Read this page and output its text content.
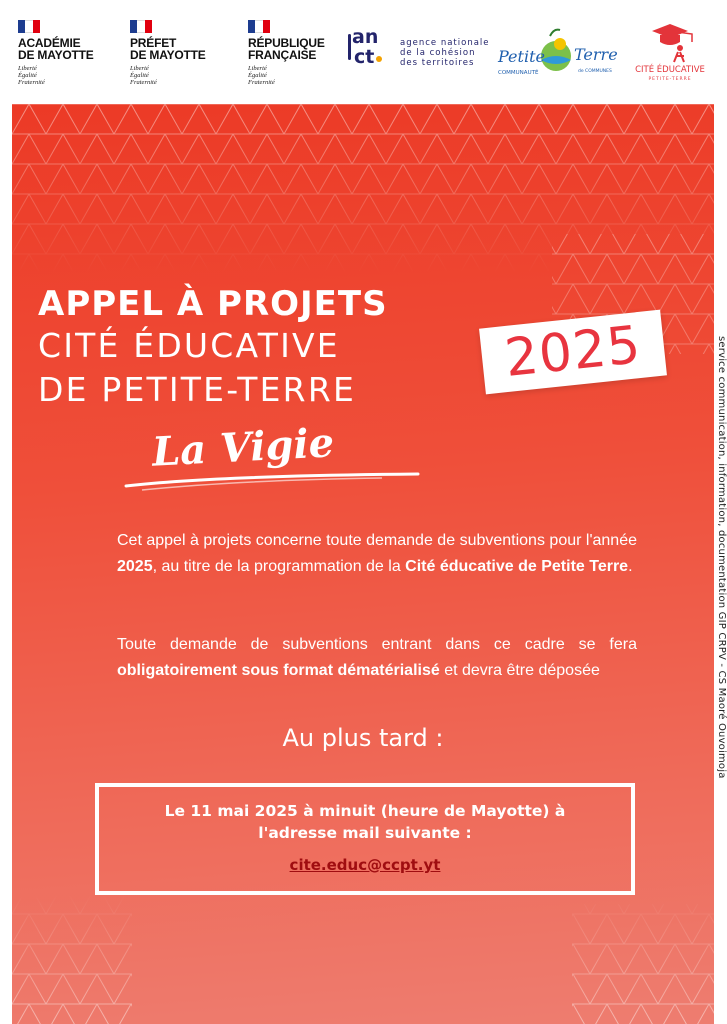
ACADÉMIE
DE MAYOTTE
Liberté
Égalité
Fraternité
PRÉFET
DE MAYOTTE
Liberté
Égalité
Fraternité
RÉPUBLIQUE
FRANÇAISE
Liberté
Égalité
Fraternité
an
ct
agence nationale
de la cohésion
des territoires	Petite Terre
COMMUNAUTÉ	de COMMUNES	CITÉ ÉDUCATIVE
PETITE-TERRE
APPEL À PROJETS
CITÉ ÉDUCATIVE
DE PETITE-TERRE
La Vigie
2025
Cet appel à projets concerne toute demande de subventions pour l'année 2025, au titre de la programmation de la Cité éducative de Petite Terre.
Toute demande de subventions entrant dans ce cadre se fera obligatoirement sous format dématérialisé et devra être déposée
Au plus tard :
Le 11 mai 2025 à minuit (heure de Mayotte) à
l'adresse mail suivante :
cite.educ@ccpt.yt
service communication, information, documentation GIP CRPV - CS Maoré Ouvoimoja
